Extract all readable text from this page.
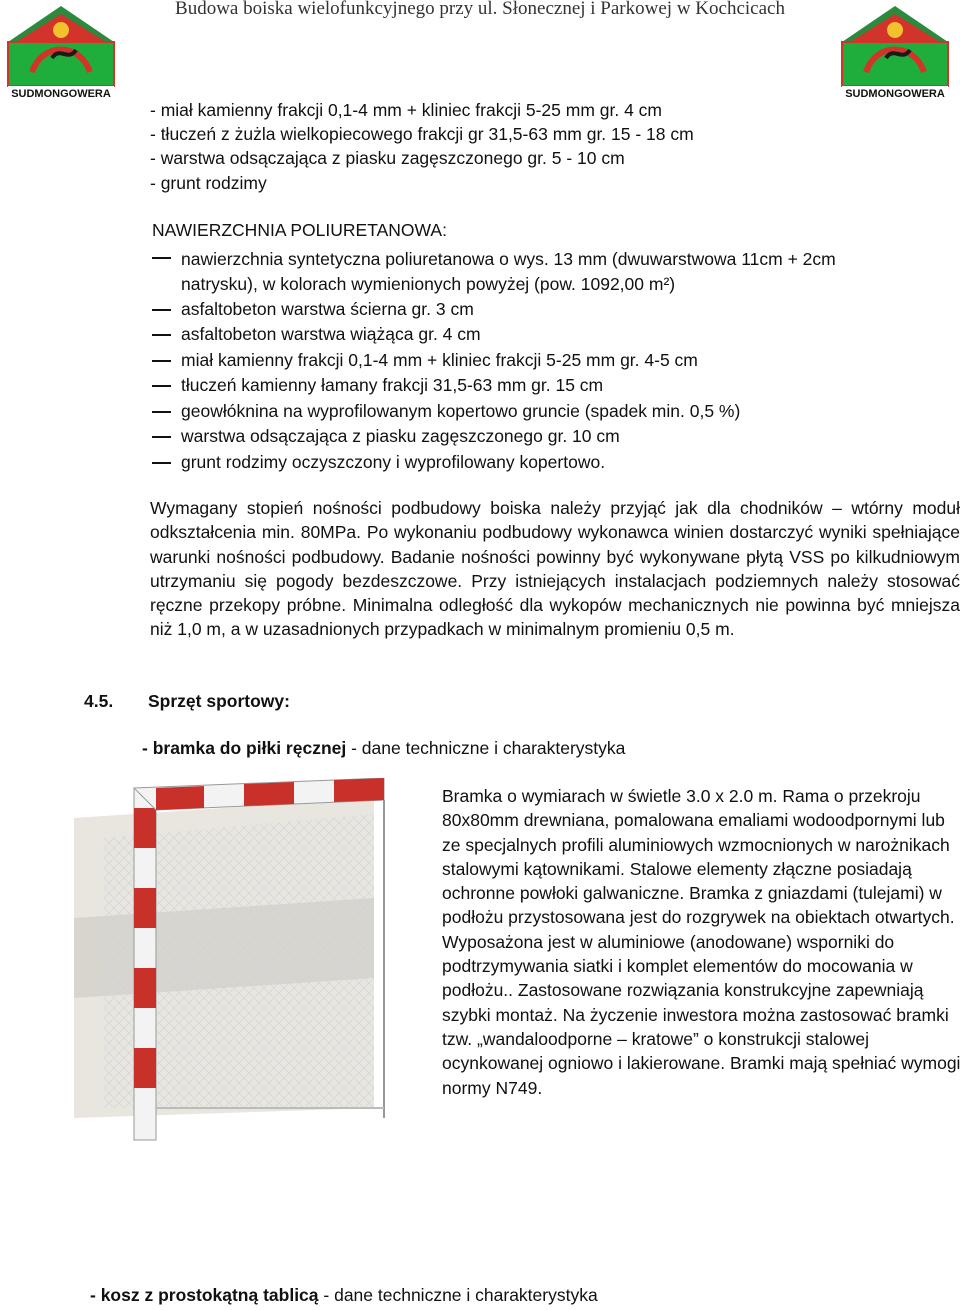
Budowa boiska wielofunkcyjnego przy ul. Słonecznej i Parkowej w Kochcicach
SUDMONGOWERA	SUDMONGOWERA
- miał kamienny frakcji 0,1-4 mm + kliniec frakcji 5-25 mm gr. 4 cm
- tłuczeń z żużla wielkopiecowego frakcji gr 31,5-63 mm gr. 15 - 18 cm
- warstwa odsączająca z piasku zagęszczonego gr. 5 - 10 cm
- grunt rodzimy
NAWIERZCHNIA POLIURETANOWA:
nawierzchnia syntetyczna poliuretanowa o wys. 13 mm (dwuwarstwowa 11cm + 2cm
natrysku), w kolorach wymienionych powyżej (pow. 1092,00 m²)
asfaltobeton warstwa ścierna gr. 3 cm
asfaltobeton warstwa wiążąca gr. 4 cm
miał kamienny frakcji 0,1-4 mm + kliniec frakcji 5-25 mm gr. 4-5 cm
tłuczeń kamienny łamany frakcji 31,5-63 mm gr. 15 cm
geowłóknina na wyprofilowanym kopertowo gruncie (spadek min. 0,5 %)
warstwa odsączająca z piasku zagęszczonego gr. 10 cm
grunt rodzimy oczyszczony i wyprofilowany kopertowo.
Wymagany stopień nośności podbudowy boiska należy przyjąć jak dla chodników – wtórny moduł odkształcenia min. 80MPa. Po wykonaniu podbudowy wykonawca winien dostarczyć wyniki spełniające warunki nośności podbudowy. Badanie nośności powinny być wykonywane płytą VSS po kilkudniowym utrzymaniu się pogody bezdeszczowe. Przy istniejących instalacjach podziemnych należy stosować ręczne przekopy próbne. Minimalna odległość dla wykopów mechanicznych nie powinna być mniejsza niż 1,0 m, a w uzasadnionych przypadkach w minimalnym promieniu 0,5 m.
4.5. Sprzęt sportowy:
- bramka do piłki ręcznej - dane techniczne i charakterystyka
Bramka o wymiarach w świetle 3.0 x 2.0 m. Rama o przekroju 80x80mm drewniana, pomalowana emaliami wodoodpornymi lub ze specjalnych profili aluminiowych wzmocnionych w narożnikach stalowymi kątownikami. Stalowe elementy złączne posiadają ochronne powłoki galwaniczne. Bramka z gniazdami (tulejami) w podłożu przystosowana jest do rozgrywek na obiektach otwartych. Wyposażona jest w aluminiowe (anodowane) wsporniki do podtrzymywania siatki i komplet elementów do mocowania w podłożu.. Zastosowane rozwiązania konstrukcyjne zapewniają szybki montaż. Na życzenie inwestora można zastosować bramki tzw. „wandaloodporne – kratowe” o konstrukcji stalowej ocynkowanej ogniowo i lakierowane. Bramki mają spełniać wymogi normy N749.
- kosz z prostokątną tablicą - dane techniczne i charakterystyka
